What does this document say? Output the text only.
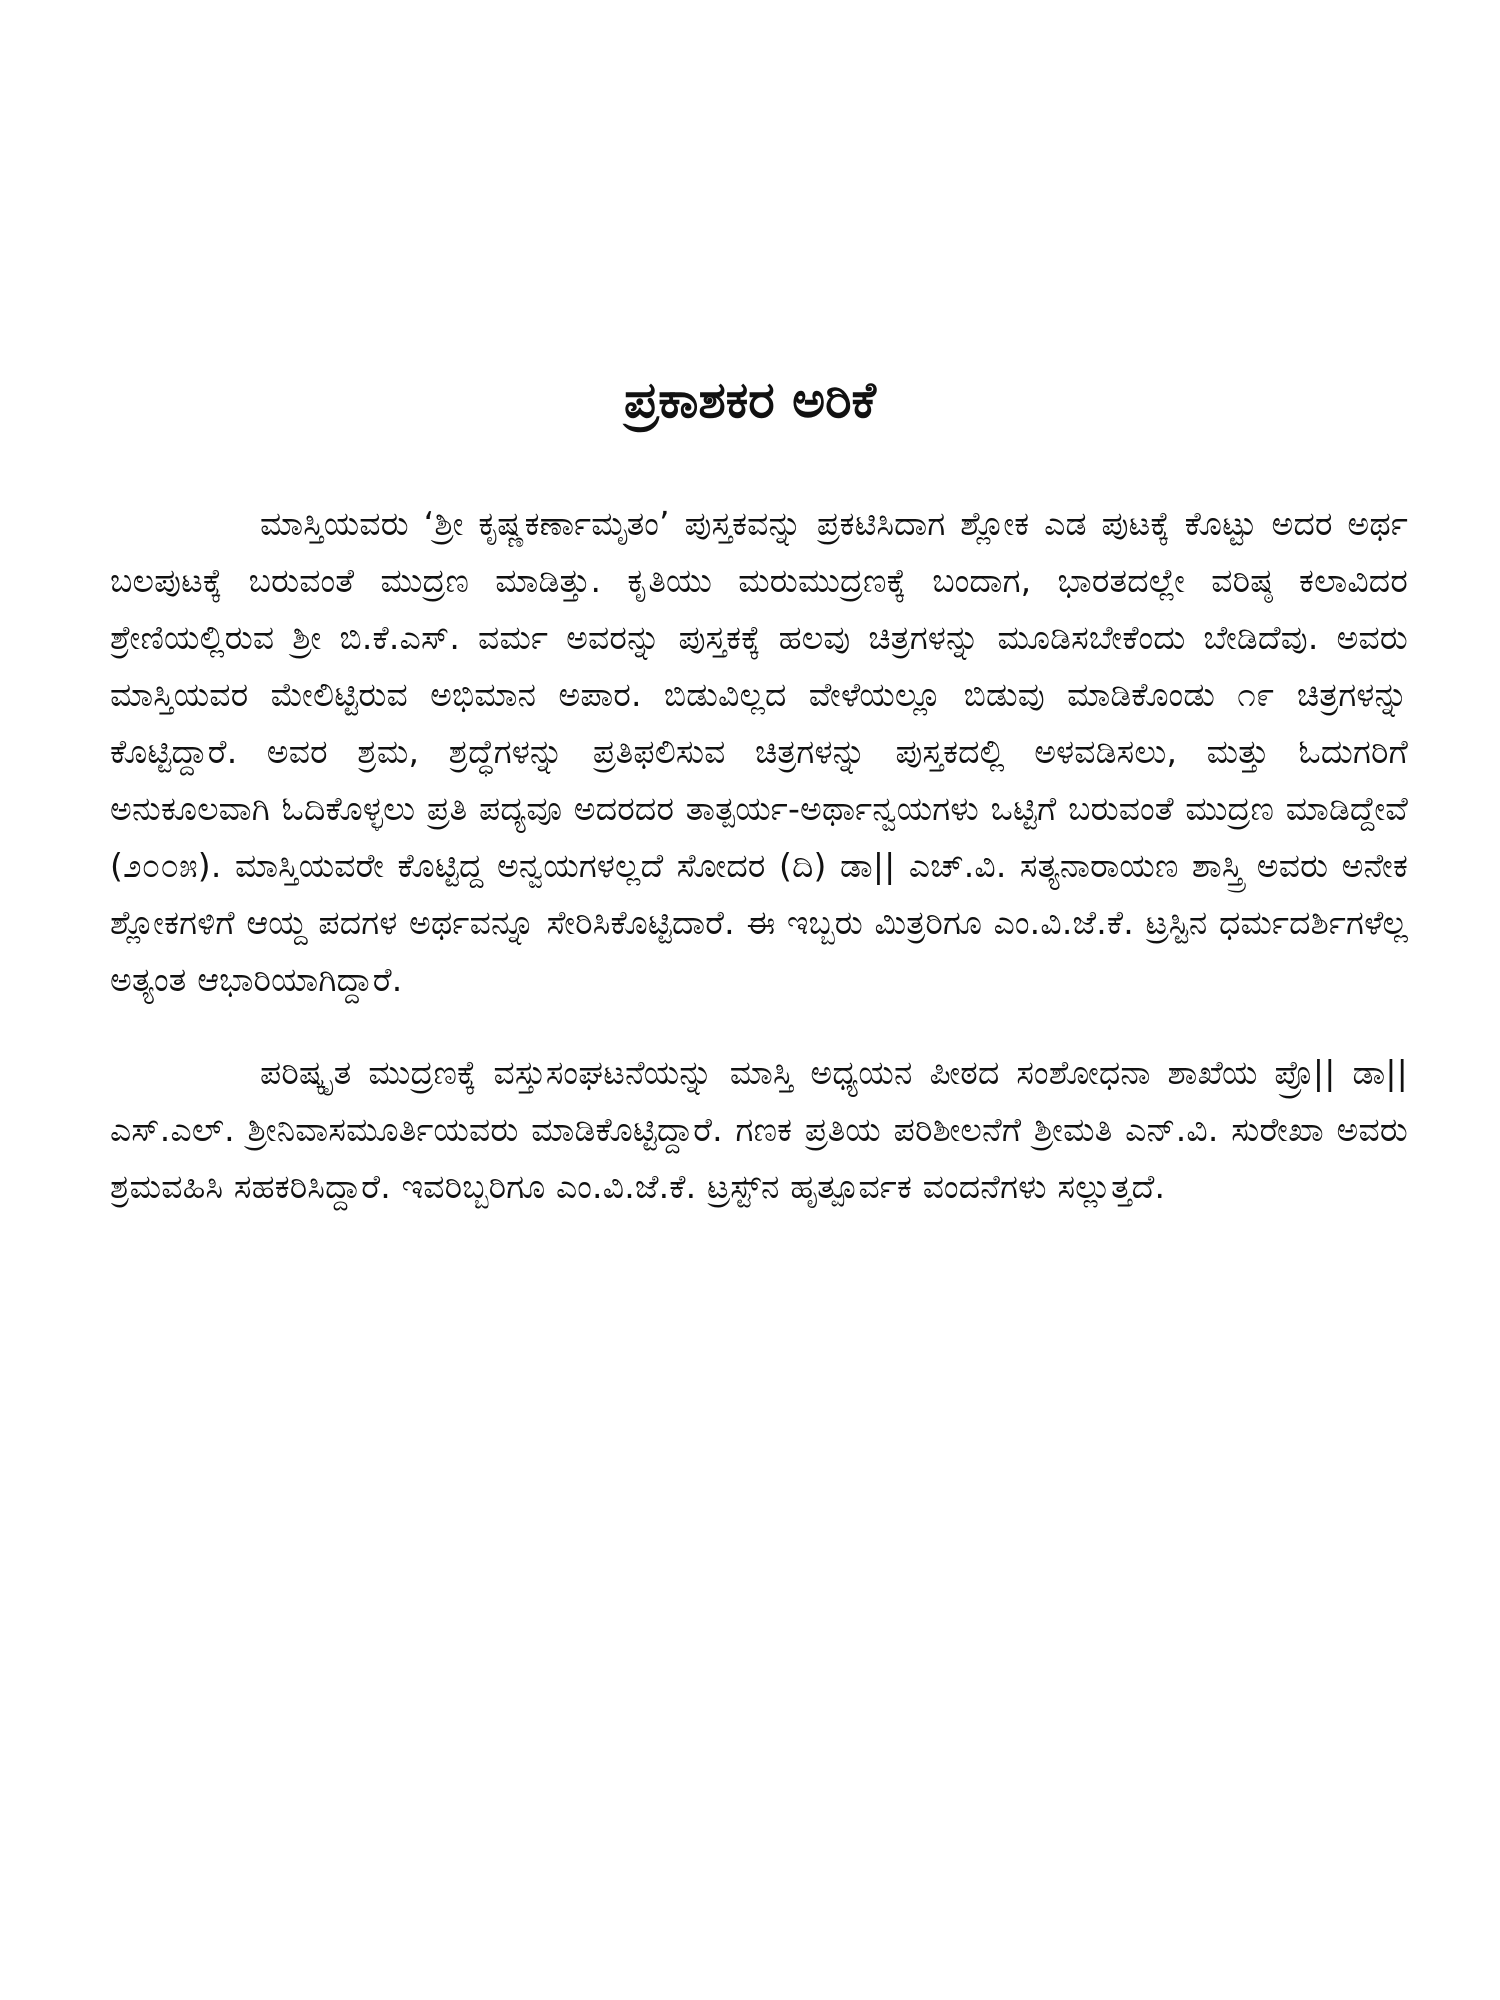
ಪ್ರಕಾಶಕರ ಅರಿಕೆ

ಮಾಸ್ತಿಯವರು ‘ಶ್ರೀ ಕೃಷ್ಣಕರ್ಣಾಮೃತಂ’ ಪುಸ್ತಕವನ್ನು ಪ್ರಕಟಿಸಿದಾಗ ಶ್ಲೋಕ ಎಡ ಪುಟಕ್ಕೆ ಕೊಟ್ಟು ಅದರ ಅರ್ಥ ಬಲಪುಟಕ್ಕೆ ಬರುವಂತೆ ಮುದ್ರಣ ಮಾಡಿತ್ತು. ಕೃತಿಯು ಮರುಮುದ್ರಣಕ್ಕೆ ಬಂದಾಗ, ಭಾರತದಲ್ಲೇ ವರಿಷ್ಠ ಕಲಾವಿದರ ಶ್ರೇಣಿಯಲ್ಲಿರುವ ಶ್ರೀ ಬಿ.ಕೆ.ಎಸ್. ವರ್ಮ ಅವರನ್ನು ಪುಸ್ತಕಕ್ಕೆ ಹಲವು ಚಿತ್ರಗಳನ್ನು ಮೂಡಿಸಬೇಕೆಂದು ಬೇಡಿದೆವು. ಅವರು ಮಾಸ್ತಿಯವರ ಮೇಲಿಟ್ಟಿರುವ ಅಭಿಮಾನ ಅಪಾರ. ಬಿಡುವಿಲ್ಲದ ವೇಳೆಯಲ್ಲೂ ಬಿಡುವು ಮಾಡಿಕೊಂಡು ೧೯ ಚಿತ್ರಗಳನ್ನು ಕೊಟ್ಟಿದ್ದಾರೆ. ಅವರ ಶ್ರಮ, ಶ್ರದ್ಧೆಗಳನ್ನು ಪ್ರತಿಫಲಿಸುವ ಚಿತ್ರಗಳನ್ನು ಪುಸ್ತಕದಲ್ಲಿ ಅಳವಡಿಸಲು, ಮತ್ತು ಓದುಗರಿಗೆ ಅನುಕೂಲವಾಗಿ ಓದಿಕೊಳ್ಳಲು ಪ್ರತಿ ಪದ್ಯವೂ ಅದರದರ ತಾತ್ಪರ್ಯ-ಅರ್ಥಾನ್ವಯಗಳು ಒಟ್ಟಿಗೆ ಬರುವಂತೆ ಮುದ್ರಣ ಮಾಡಿದ್ದೇವೆ (೨೦೦೫). ಮಾಸ್ತಿಯವರೇ ಕೊಟ್ಟಿದ್ದ ಅನ್ವಯಗಳಲ್ಲದೆ ಸೋದರ (ದಿ) ಡಾ|| ಎಚ್.ವಿ. ಸತ್ಯನಾರಾಯಣ ಶಾಸ್ತ್ರಿ ಅವರು ಅನೇಕ ಶ್ಲೋಕಗಳಿಗೆ ಆಯ್ದ ಪದಗಳ ಅರ್ಥವನ್ನೂ ಸೇರಿಸಿಕೊಟ್ಟಿದಾರೆ. ಈ ಇಬ್ಬರು ಮಿತ್ರರಿಗೂ ಎಂ.ವಿ.ಜೆ.ಕೆ. ಟ್ರಸ್ಟಿನ ಧರ್ಮದರ್ಶಿಗಳೆಲ್ಲ ಅತ್ಯಂತ ಆಭಾರಿಯಾಗಿದ್ದಾರೆ.

ಪರಿಷ್ಕೃತ ಮುದ್ರಣಕ್ಕೆ ವಸ್ತುಸಂಘಟನೆಯನ್ನು ಮಾಸ್ತಿ ಅಧ್ಯಯನ ಪೀಠದ ಸಂಶೋಧನಾ ಶಾಖೆಯ ಪ್ರೊ|| ಡಾ|| ಎಸ್.ಎಲ್. ಶ್ರೀನಿವಾಸಮೂರ್ತಿಯವರು ಮಾಡಿಕೊಟ್ಟಿದ್ದಾರೆ. ಗಣಕ ಪ್ರತಿಯ ಪರಿಶೀಲನೆಗೆ ಶ್ರೀಮತಿ ಎನ್.ವಿ. ಸುರೇಖಾ ಅವರು ಶ್ರಮವಹಿಸಿ ಸಹಕರಿಸಿದ್ದಾರೆ. ಇವರಿಬ್ಬರಿಗೂ ಎಂ.ವಿ.ಜೆ.ಕೆ. ಟ್ರಸ್ಟ್‌ನ ಹೃತ್ಪೂರ್ವಕ ವಂದನೆಗಳು ಸಲ್ಲುತ್ತದೆ.
